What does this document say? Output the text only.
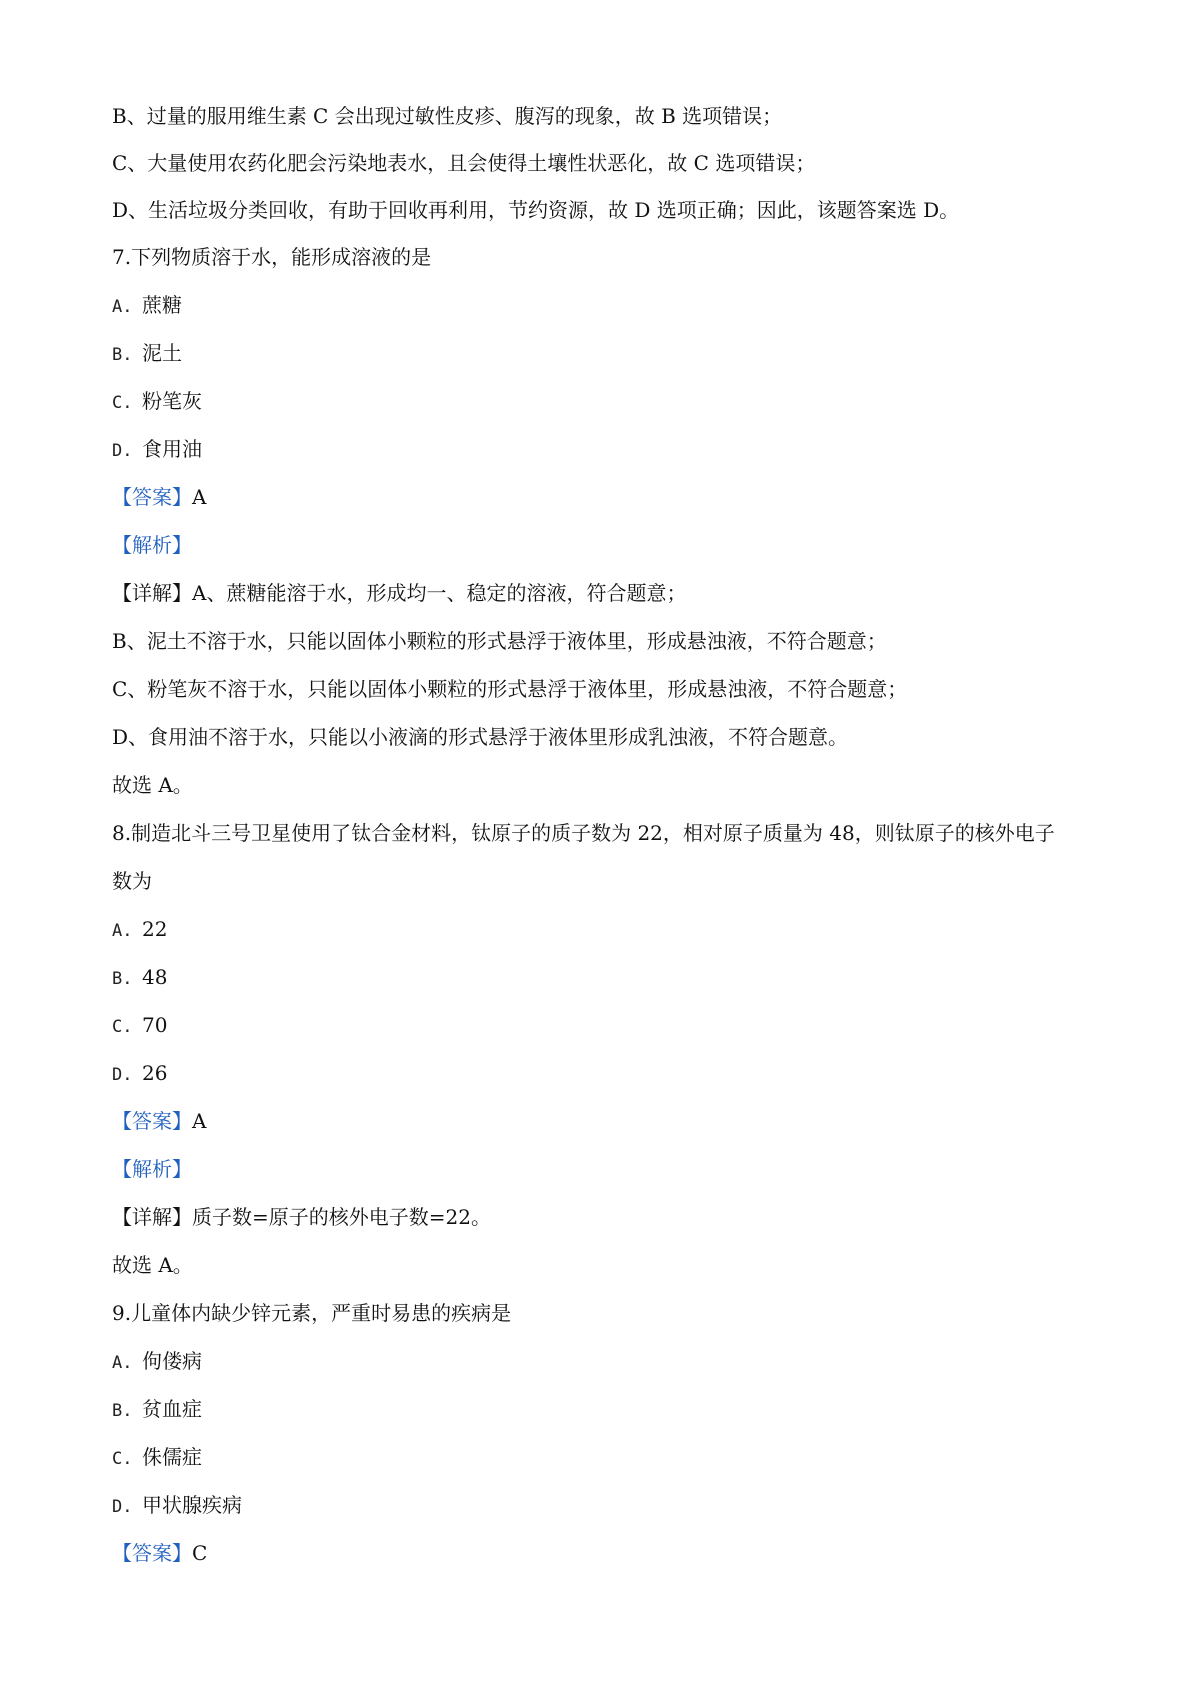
B、过量的服用维生素 C 会出现过敏性皮疹、腹泻的现象，故 B 选项错误；
C、大量使用农药化肥会污染地表水，且会使得土壤性状恶化，故 C 选项错误；
D、生活垃圾分类回收，有助于回收再利用，节约资源，故 D 选项正确；因此，该题答案选 D。
7.下列物质溶于水，能形成溶液的是
A. 蔗糖
B. 泥土
C. 粉笔灰
D. 食用油
【答案】A
【解析】
【详解】A、蔗糖能溶于水，形成均一、稳定的溶液，符合题意；
B、泥土不溶于水，只能以固体小颗粒的形式悬浮于液体里，形成悬浊液，不符合题意；
C、粉笔灰不溶于水，只能以固体小颗粒的形式悬浮于液体里，形成悬浊液，不符合题意；
D、食用油不溶于水，只能以小液滴的形式悬浮于液体里形成乳浊液，不符合题意。
故选 A。
8.制造北斗三号卫星使用了钛合金材料，钛原子的质子数为 22，相对原子质量为 48，则钛原子的核外电子
数为
A. 22
B. 48
C. 70
D. 26
【答案】A
【解析】
【详解】质子数=原子的核外电子数=22。
故选 A。
9.儿童体内缺少锌元素，严重时易患的疾病是
A. 佝偻病
B. 贫血症
C. 侏儒症
D. 甲状腺疾病
【答案】C
